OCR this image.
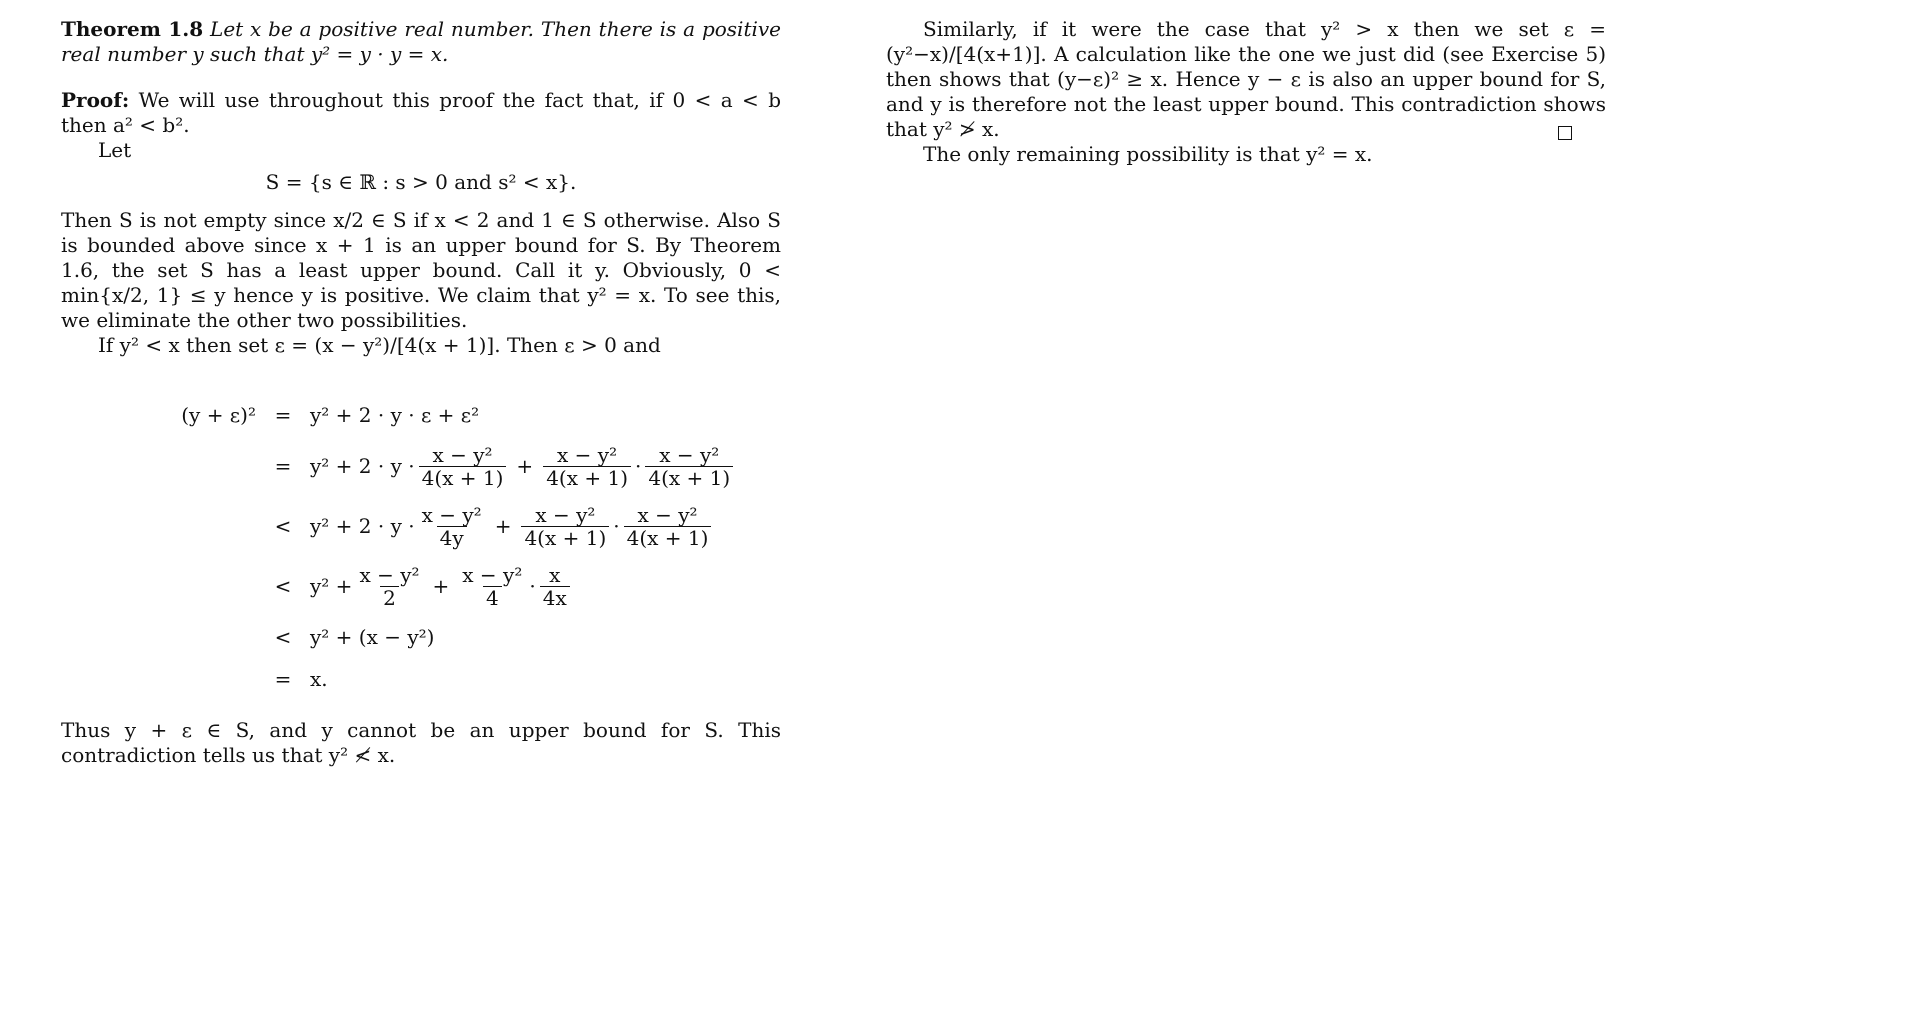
Theorem 1.8 Let x be a positive real number. Then there is a positive real number y such that y² = y · y = x.

Proof: We will use throughout this proof the fact that, if 0 < a < b then a² < b².

Let

S = {s ∈ ℝ : s > 0 and s² < x}.

Then S is not empty since x/2 ∈ S if x < 2 and 1 ∈ S otherwise. Also S is bounded above since x + 1 is an upper bound for S. By Theorem 1.6, the set S has a least upper bound. Call it y. Obviously, 0 < min{x/2, 1} ≤ y hence y is positive. We claim that y² = x. To see this, we eliminate the other two possibilities.

If y² < x then set ε = (x − y²)/[4(x + 1)]. Then ε > 0 and

(y + ε)² = y² + 2 · y · ε + ε²
= $y^2 + 2 \cdot y \cdot \frac{\text{x − y²}}{4(x + 1)} + \frac{\text{x − y²}}{4(x + 1)} \cdot \frac{\text{x − y²}}{4(x + 1)}$
< $y^2 + 2 \cdot y \cdot \frac{\text{x − y²}}{4y} + \frac{\text{x − y²}}{4(x + 1)} \cdot \frac{\text{x − y²}}{4(x + 1)}$
< $y^2 + \frac{\text{x − y²}}{2} + \frac{\text{x − y²}}{4} \cdot \frac{x}{4x}$
< y² + (x − y²)
= x.

Thus y + ε ∈ S, and y cannot be an upper bound for S. This contradiction tells us that y² ≮ x.

Similarly, if it were the case that y² > x then we set ε = (y²−x)/[4(x+1)]. A calculation like the one we just did (see Exercise 5) then shows that (y−ε)² ≥ x. Hence y − ε is also an upper bound for S, and y is therefore not the least upper bound. This contradiction shows that y² ≯ x.

The only remaining possibility is that y² = x.
